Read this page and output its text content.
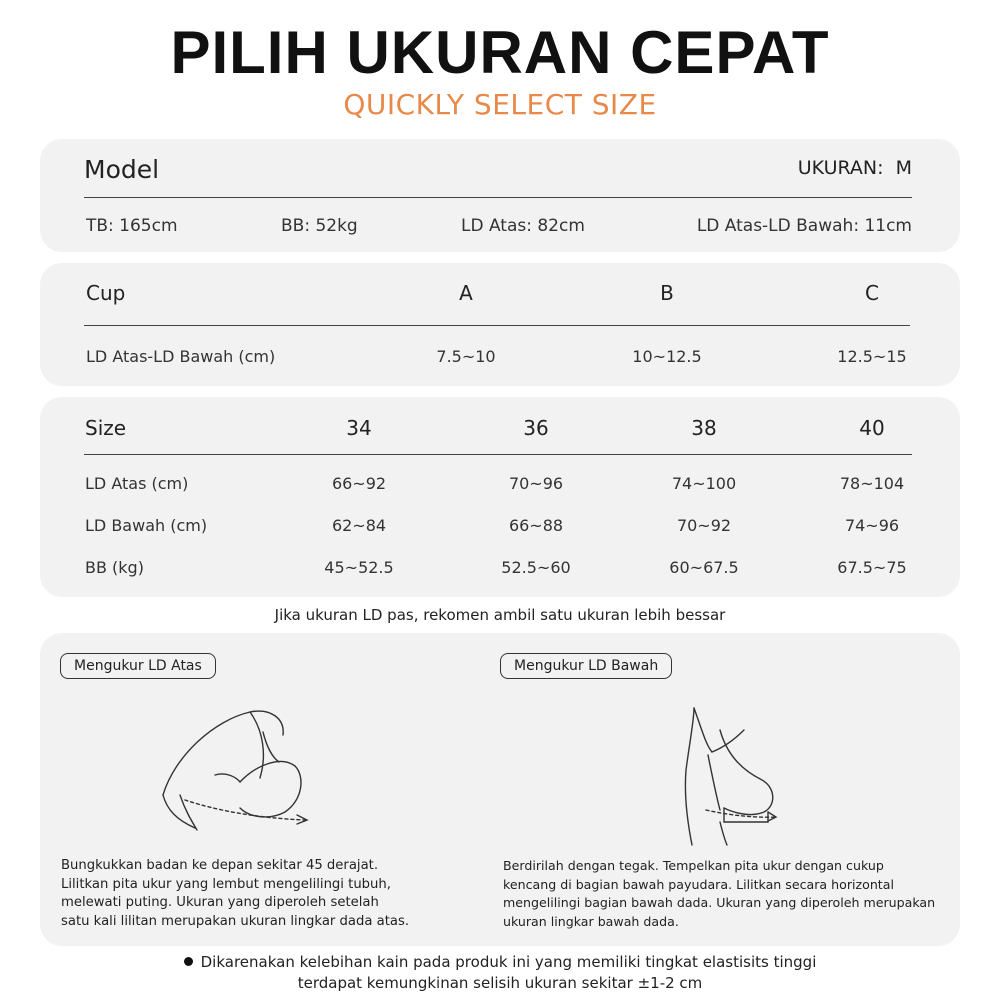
PILIH UKURAN CEPAT
QUICKLY SELECT SIZE
Model	UKURAN: M
TB: 165cm	BB: 52kg	LD Atas: 82cm	LD Atas-LD Bawah: 11cm
Cup	A	B	C
LD Atas-LD Bawah (cm)	7.5~10	10~12.5	12.5~15
Size	34	36	38	40
LD Atas (cm)	66~92	70~96	74~100	78~104
LD Bawah (cm)	62~84	66~88	70~92	74~96
BB (kg)	45~52.5	52.5~60	60~67.5	67.5~75
Jika ukuran LD pas, rekomen ambil satu ukuran lebih bessar
Mengukur LD Atas	Mengukur LD Bawah
Bungkukkan badan ke depan sekitar 45 derajat.
Lilitkan pita ukur yang lembut mengelilingi tubuh,
melewati puting. Ukuran yang diperoleh setelah
satu kali lilitan merupakan ukuran lingkar dada atas.
Berdirilah dengan tegak. Tempelkan pita ukur dengan cukup
kencang di bagian bawah payudara. Lilitkan secara horizontal
mengelilingi bagian bawah dada. Ukuran yang diperoleh merupakan
ukuran lingkar bawah dada.
Dikarenakan kelebihan kain pada produk ini yang memiliki tingkat elastisits tinggi
terdapat kemungkinan selisih ukuran sekitar ±1-2 cm
